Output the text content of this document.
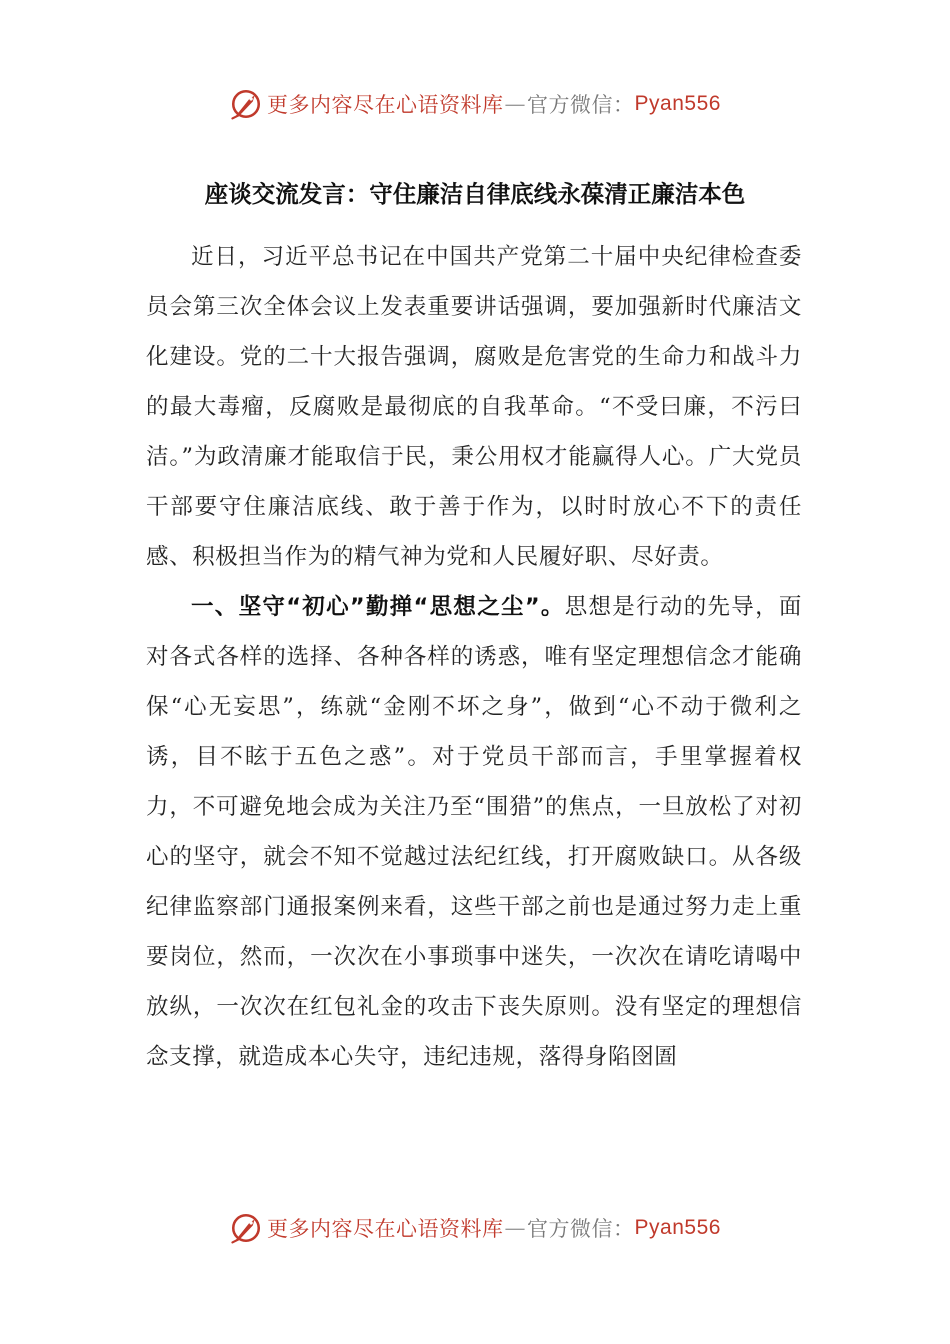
更多内容尽在心语资料库 — 官方微信： Pyan556
座谈交流发言：守住廉洁自律底线永葆清正廉洁本色

近日，习近平总书记在中国共产党第二十届中央纪律检查委员会第三次全体会议上发表重要讲话强调，要加强新时代廉洁文化建设。党的二十大报告强调，腐败是危害党的生命力和战斗力的最大毒瘤，反腐败是最彻底的自我革命。“不受曰廉，不污曰洁。”为政清廉才能取信于民，秉公用权才能赢得人心。广大党员干部要守住廉洁底线、敢于善于作为，以时时放心不下的责任感、积极担当作为的精气神为党和人民履好职、尽好责。

一、坚守“初心”勤掸“思想之尘”。思想是行动的先导，面对各式各样的选择、各种各样的诱惑，唯有坚定理想信念才能确保“心无妄思”，练就“金刚不坏之身”，做到“心不动于微利之诱，目不眩于五色之惑”。对于党员干部而言，手里掌握着权力，不可避免地会成为关注乃至“围猎”的焦点，一旦放松了对初心的坚守，就会不知不觉越过法纪红线，打开腐败缺口。从各级纪律监察部门通报案例来看，这些干部之前也是通过努力走上重要岗位，然而，一次次在小事琐事中迷失，一次次在请吃请喝中放纵，一次次在红包礼金的攻击下丧失原则。没有坚定的理想信念支撑，就造成本心失守，违纪违规，落得身陷囹圄

更多内容尽在心语资料库 — 官方微信： Pyan556
